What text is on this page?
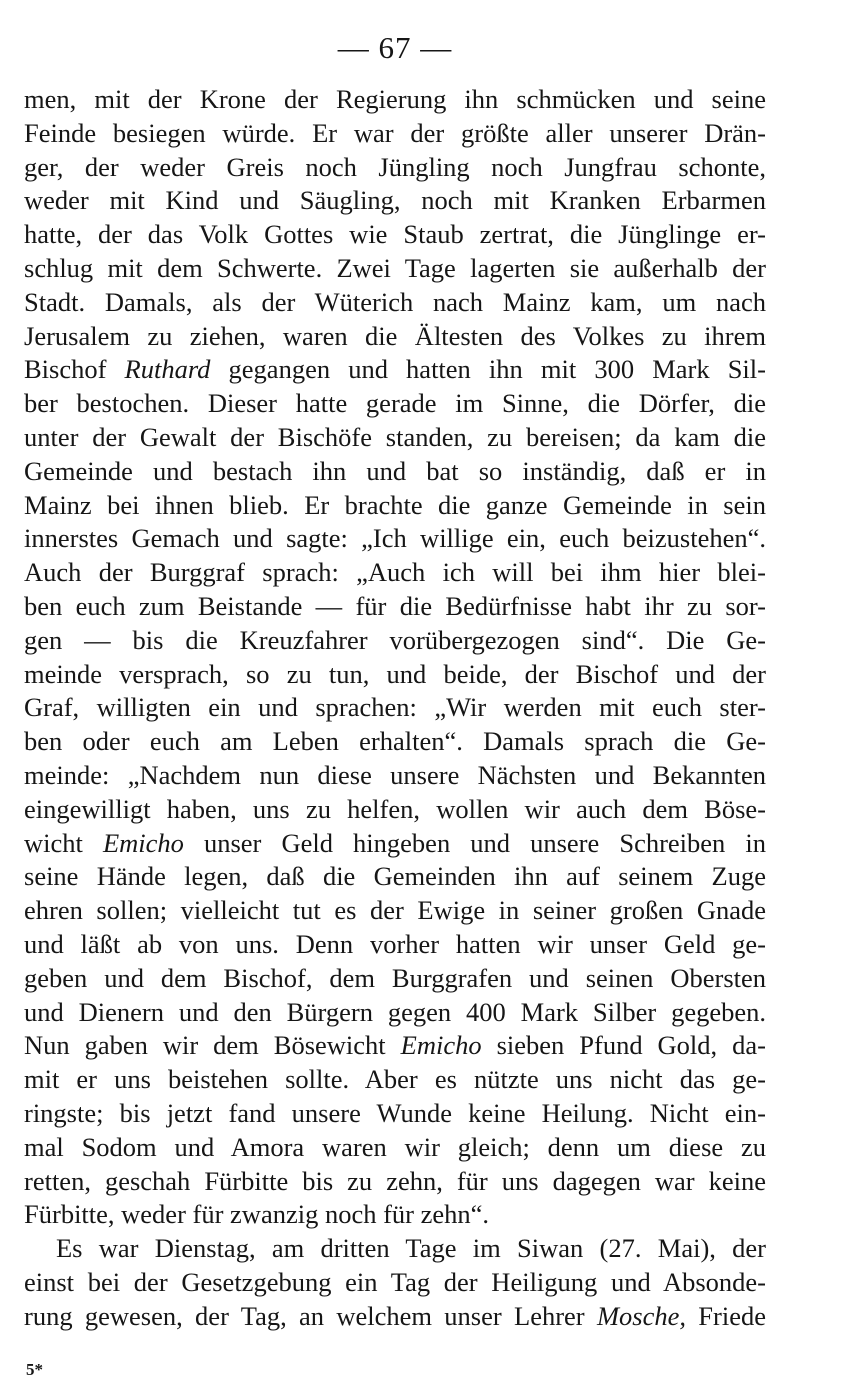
— 67 —
men, mit der Krone der Regierung ihn schmücken und seine
Feinde besiegen würde. Er war der größte aller unserer Drän-
ger, der weder Greis noch Jüngling noch Jungfrau schonte,
weder mit Kind und Säugling, noch mit Kranken Erbarmen
hatte, der das Volk Gottes wie Staub zertrat, die Jünglinge er-
schlug mit dem Schwerte. Zwei Tage lagerten sie außerhalb der
Stadt. Damals, als der Wüterich nach Mainz kam, um nach
Jerusalem zu ziehen, waren die Ältesten des Volkes zu ihrem
Bischof Ruthard gegangen und hatten ihn mit 300 Mark Sil-
ber bestochen. Dieser hatte gerade im Sinne, die Dörfer, die
unter der Gewalt der Bischöfe standen, zu bereisen; da kam die
Gemeinde und bestach ihn und bat so inständig, daß er in
Mainz bei ihnen blieb. Er brachte die ganze Gemeinde in sein
innerstes Gemach und sagte: „Ich willige ein, euch beizustehen“.
Auch der Burggraf sprach: „Auch ich will bei ihm hier blei-
ben euch zum Beistande — für die Bedürfnisse habt ihr zu sor-
gen — bis die Kreuzfahrer vorübergezogen sind“. Die Ge-
meinde versprach, so zu tun, und beide, der Bischof und der
Graf, willigten ein und sprachen: „Wir werden mit euch ster-
ben oder euch am Leben erhalten“. Damals sprach die Ge-
meinde: „Nachdem nun diese unsere Nächsten und Bekannten
eingewilligt haben, uns zu helfen, wollen wir auch dem Böse-
wicht Emicho unser Geld hingeben und unsere Schreiben in
seine Hände legen, daß die Gemeinden ihn auf seinem Zuge
ehren sollen; vielleicht tut es der Ewige in seiner großen Gnade
und läßt ab von uns. Denn vorher hatten wir unser Geld ge-
geben und dem Bischof, dem Burggrafen und seinen Obersten
und Dienern und den Bürgern gegen 400 Mark Silber gegeben.
Nun gaben wir dem Bösewicht Emicho sieben Pfund Gold, da-
mit er uns beistehen sollte. Aber es nützte uns nicht das ge-
ringste; bis jetzt fand unsere Wunde keine Heilung. Nicht ein-
mal Sodom und Amora waren wir gleich; denn um diese zu
retten, geschah Fürbitte bis zu zehn, für uns dagegen war keine
Fürbitte, weder für zwanzig noch für zehn“.
Es war Dienstag, am dritten Tage im Siwan (27. Mai), der
einst bei der Gesetzgebung ein Tag der Heiligung und Absonde-
rung gewesen, der Tag, an welchem unser Lehrer Mosche, Friede
5*
